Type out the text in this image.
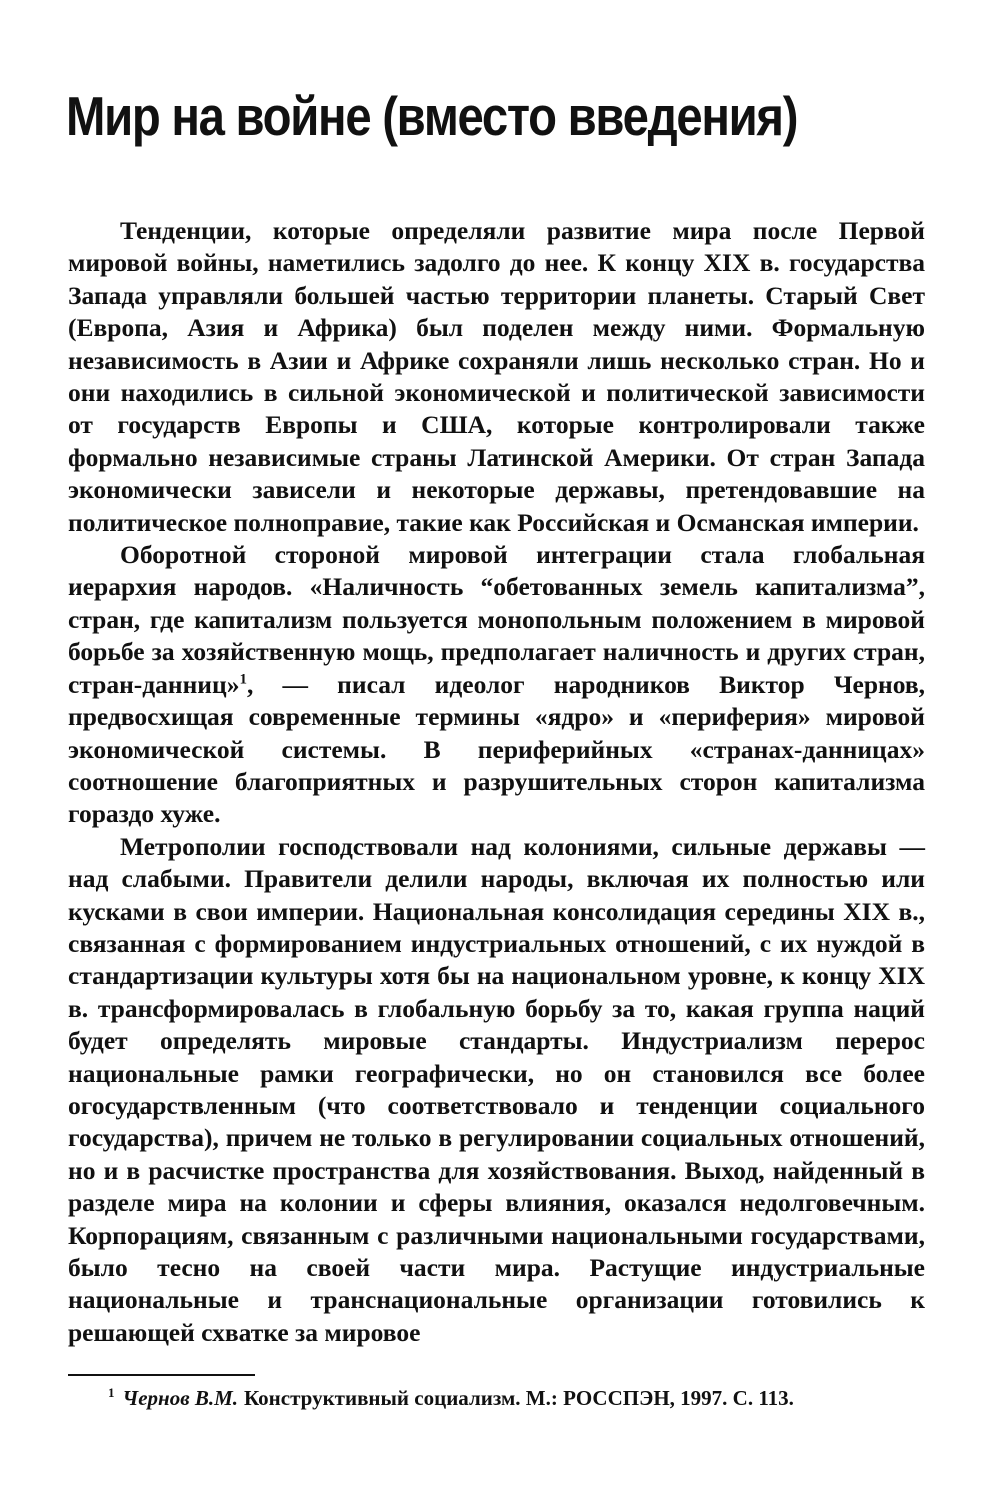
Мир на войне (вместо введения)

Тенденции, которые определяли развитие мира после Первой мировой войны, наметились задолго до нее. К концу XIX в. государства Запада управляли большей частью территории планеты. Старый Свет (Европа, Азия и Африка) был поделен между ними. Формальную независимость в Азии и Африке сохраняли лишь несколько стран. Но и они находились в сильной экономической и политической зависимости от государств Европы и США, которые контролировали также формально независимые страны Латинской Америки. От стран Запада экономически зависели и некоторые державы, претендовавшие на политическое полноправие, такие как Российская и Османская империи.

Оборотной стороной мировой интеграции стала глобальная иерархия народов. «Наличность “обетованных земель капитализма”, стран, где капитализм пользуется монопольным положением в мировой борьбе за хозяйственную мощь, предполагает наличность и других стран, стран-данниц»$^1$, — писал идеолог народников Виктор Чернов, предвосхищая современные термины «ядро» и «периферия» мировой экономической системы. В периферийных «странах-данницах» соотношение благоприятных и разрушительных сторон капитализма гораздо хуже.

Метрополии господствовали над колониями, сильные державы — над слабыми. Правители делили народы, включая их полностью или кусками в свои империи. Национальная консолидация середины XIX в., связанная с формированием индустриальных отношений, с их нуждой в стандартизации культуры хотя бы на национальном уровне, к концу XIX в. трансформировалась в глобальную борьбу за то, какая группа наций будет определять мировые стандарты. Индустриализм перерос национальные рамки географически, но он становился все более огосударствленным (что соответствовало и тенденции социального государства), причем не только в регулировании социальных отношений, но и в расчистке пространства для хозяйствования. Выход, найденный в разделе мира на колонии и сферы влияния, оказался недолговечным. Корпорациям, связанным с различными национальными государствами, было тесно на своей части мира. Растущие индустриальные национальные и транснациональные организации готовились к решающей схватке за мировое

$^1$ Чернов В.М. Конструктивный социализм. М.: РОССПЭН, 1997. С. 113.
